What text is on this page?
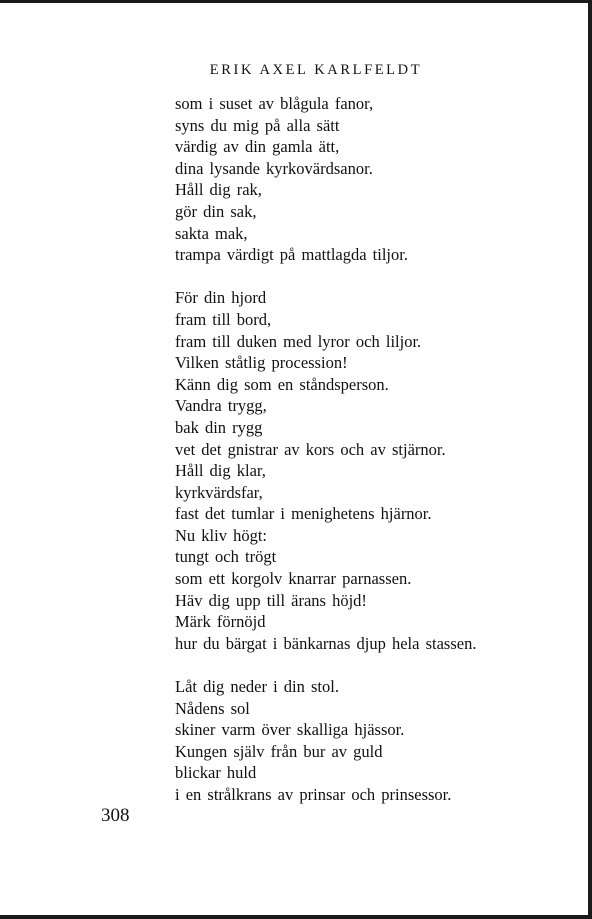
ERIK AXEL KARLFELDT
som i suset av blågula fanor,
syns du mig på alla sätt
värdig av din gamla ätt,
dina lysande kyrkovärdsanor.
Håll dig rak,
gör din sak,
sakta mak,
trampa värdigt på mattlagda tiljor.
För din hjord
fram till bord,
fram till duken med lyror och liljor.
Vilken ståtlig procession!
Känn dig som en ståndsperson.
Vandra trygg,
bak din rygg
vet det gnistrar av kors och av stjärnor.
Håll dig klar,
kyrkvärdsfar,
fast det tumlar i menighetens hjärnor.
Nu kliv högt:
tungt och trögt
som ett korgolv knarrar parnassen.
Häv dig upp till ärans höjd!
Märk förnöjd
hur du bärgat i bänkarnas djup hela stassen.
Låt dig neder i din stol.
Nådens sol
skiner varm över skalliga hjässor.
Kungen själv från bur av guld
blickar huld
i en strålkrans av prinsar och prinsessor.
308
